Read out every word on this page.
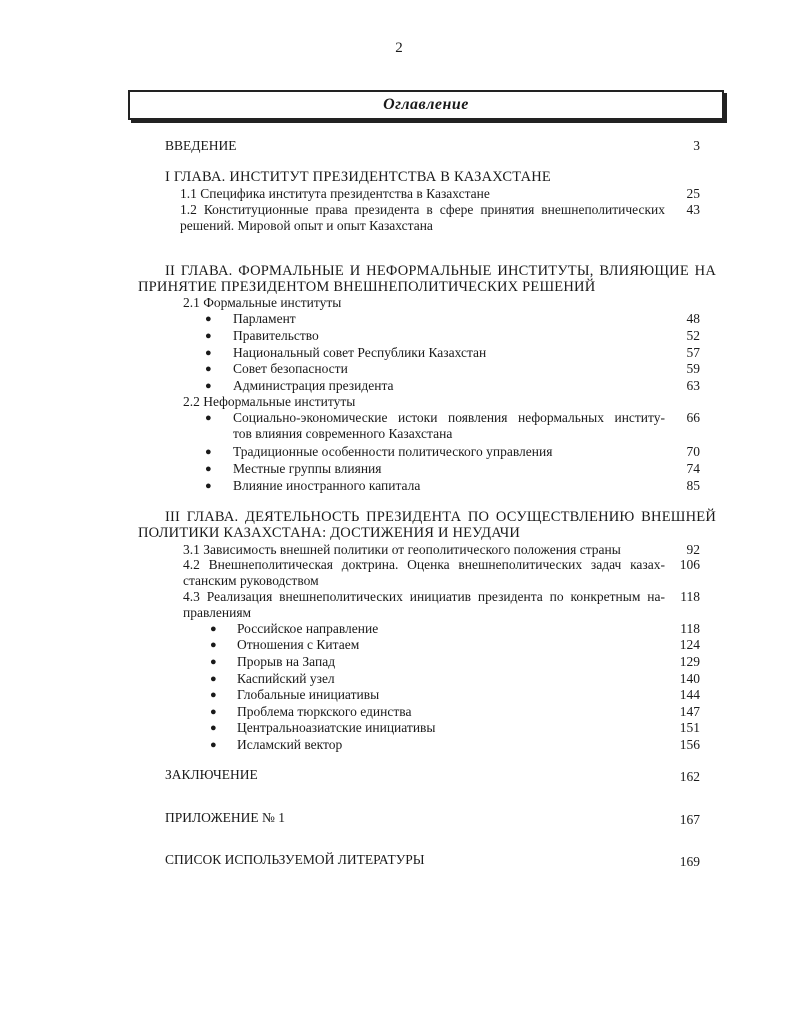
2
Оглавление
ВВЕДЕНИЕ	3
I ГЛАВА. ИНСТИТУТ ПРЕЗИДЕНТСТВА В КАЗАХСТАНЕ
1.1 Специфика института президентства в Казахстане	25
1.2 Конституционные права президента в сфере принятия внешнеполитических
решений. Мировой опыт и опыт Казахстана
43
II ГЛАВА. ФОРМАЛЬНЫЕ И НЕФОРМАЛЬНЫЕ ИНСТИТУТЫ, ВЛИЯЮЩИЕ НА
ПРИНЯТИЕ ПРЕЗИДЕНТОМ ВНЕШНЕПОЛИТИЧЕСКИХ РЕШЕНИЙ
2.1 Формальные институты
● Парламент	48
● Правительство	52
● Национальный совет Республики Казахстан	57
● Совет безопасности	59
● Администрация президента	63
2.2 Неформальные институты
● Социально-экономические истоки появления неформальных институ-
тов влияния современного Казахстана
66
● Традиционные особенности политического управления	70
● Местные группы влияния	74
● Влияние иностранного капитала	85
III ГЛАВА. ДЕЯТЕЛЬНОСТЬ ПРЕЗИДЕНТА ПО ОСУЩЕСТВЛЕНИЮ ВНЕШНЕЙ
ПОЛИТИКИ КАЗАХСТАНА: ДОСТИЖЕНИЯ И НЕУДАЧИ
3.1 Зависимость внешней политики от геополитического положения страны	92
4.2 Внешнеполитическая доктрина. Оценка внешнеполитических задач казах-
станским руководством
106
4.3 Реализация внешнеполитических инициатив президента по конкретным на-
правлениям
118
● Российское направление	118
● Отношения с Китаем	124
● Прорыв на Запад	129
● Каспийский узел	140
● Глобальные инициативы	144
● Проблема тюркского единства	147
● Центральноазиатские инициативы	151
● Исламский вектор	156
ЗАКЛЮЧЕНИЕ	162
ПРИЛОЖЕНИЕ № 1	167
СПИСОК ИСПОЛЬЗУЕМОЙ ЛИТЕРАТУРЫ	169
